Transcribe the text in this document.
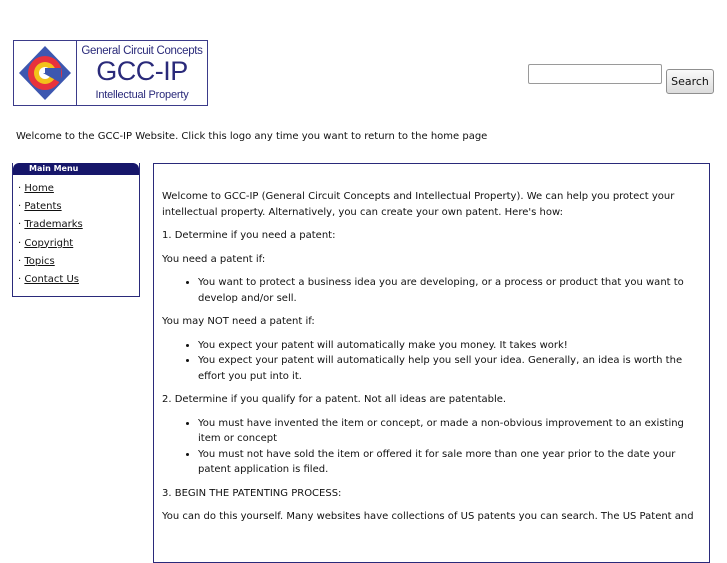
General Circuit Concepts
GCC-IP
Intellectual Property
Search
Welcome to the GCC-IP Website. Click this logo any time you want to return to the home page
Main Menu
· Home
· Patents
· Trademarks
· Copyright
· Topics
· Contact Us

Welcome to GCC-IP (General Circuit Concepts and Intellectual Property). We can help you protect your intellectual property. Alternatively, you can create your own patent. Here's how:

1. Determine if you need a patent:

You need a patent if:

• You want to protect a business idea you are developing, or a process or product that you want to develop and/or sell.

You may NOT need a patent if:

• You expect your patent will automatically make you money. It takes work!
• You expect your patent will automatically help you sell your idea. Generally, an idea is worth the effort you put into it.

2. Determine if you qualify for a patent. Not all ideas are patentable.

• You must have invented the item or concept, or made a non-obvious improvement to an existing item or concept
• You must not have sold the item or offered it for sale more than one year prior to the date your patent application is filed.

3. BEGIN THE PATENTING PROCESS:

You can do this yourself. Many websites have collections of US patents you can search. The US Patent and
